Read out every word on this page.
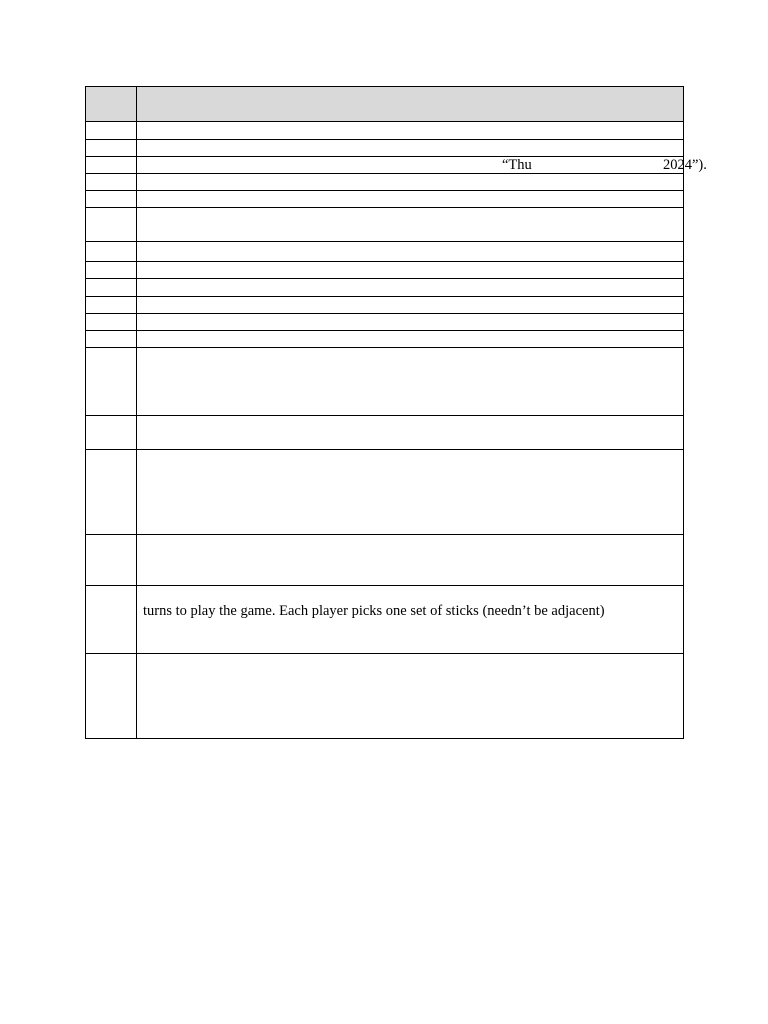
	“Thu 2024”).

	turns to play the game. Each player picks one set of sticks (needn’t be adjacent)
